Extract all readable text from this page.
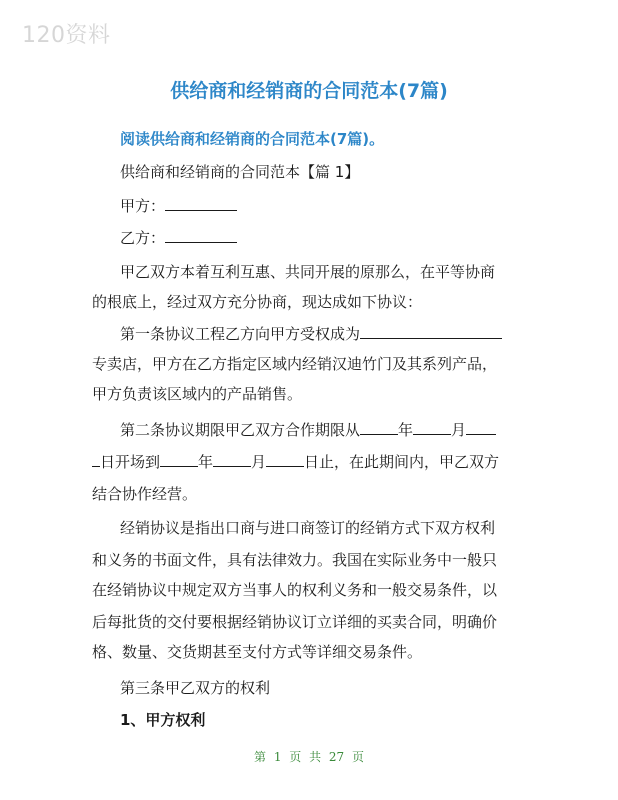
120资料
供给商和经销商的合同范本(7篇)
阅读供给商和经销商的合同范本(7篇)。
供给商和经销商的合同范本【篇 1】
甲方：
乙方：
甲乙双方本着互利互惠、共同开展的原那么，在平等协商
的根底上，经过双方充分协商，现达成如下协议：
第一条协议工程乙方向甲方受权成为
专卖店，甲方在乙方指定区域内经销汉迪竹门及其系列产品，
甲方负责该区域内的产品销售。
第二条协议期限甲乙双方合作期限从	年	月
日开场到	年	月	日止，在此期间内，甲乙双方
结合协作经营。
经销协议是指出口商与进口商签订的经销方式下双方权利
和义务的书面文件，具有法律效力。我国在实际业务中一般只
在经销协议中规定双方当事人的权利义务和一般交易条件，以
后每批货的交付要根据经销协议订立详细的买卖合同，明确价
格、数量、交货期甚至支付方式等详细交易条件。
第三条甲乙双方的权利
1、甲方权利
第 1 页 共 27 页
